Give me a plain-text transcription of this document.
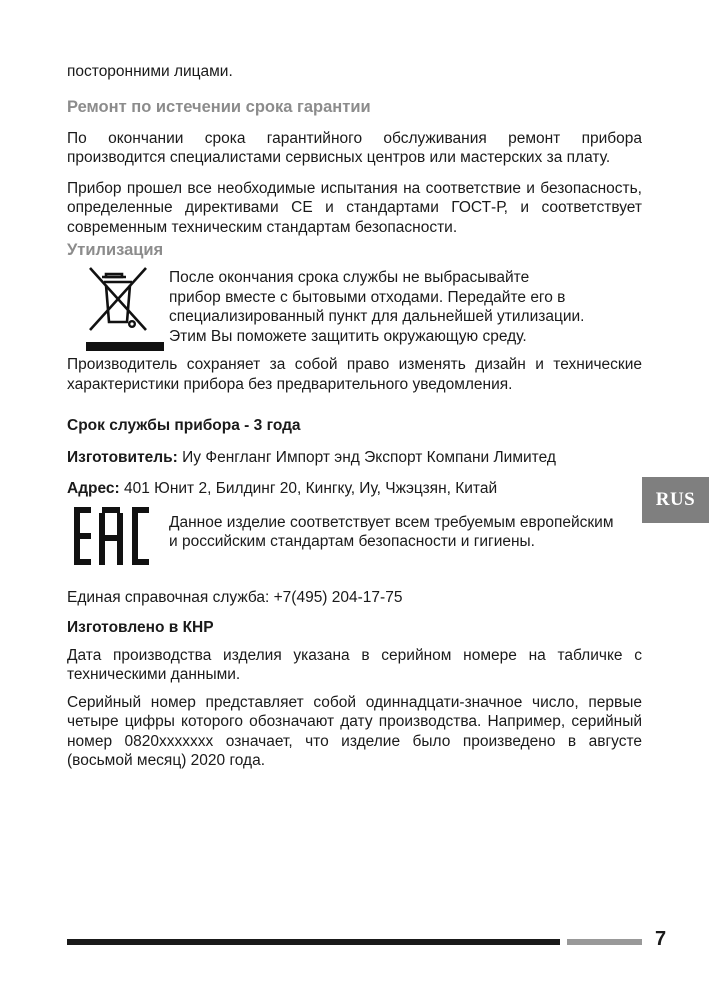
посторонними лицами.

Ремонт по истечении срока гарантии

По окончании срока гарантийного обслуживания ремонт прибора производится специалистами сервисных центров или мастерских за плату.

Прибор прошел все необходимые испытания на соответствие и безопасность, определенные директивами CE и стандартами ГОСТ-Р, и соответствует современным техническим стандартам безопасности.

Утилизация

После окончания срока службы не выбрасывайте

прибор вместе с бытовыми отходами. Передайте его в

специализированный пункт для дальнейшей утилизации.

Этим Вы поможете защитить окружающую среду.

Производитель сохраняет за собой право изменять дизайн и технические характеристики прибора без предварительного уведомления.

Срок службы прибора - 3 года

Изготовитель: Иу Фенгланг Импорт энд Экспорт Компани Лимитед

Адрес: 401 Юнит 2, Билдинг 20, Кингку, Иу, Чжэцзян, Китай

Данное изделие соответствует всем требуемым европейским

и российским стандартам безопасности и гигиены.

Единая справочная служба: +7(495) 204-17-75

Изготовлено в КНР

Дата производства изделия указана в серийном номере на табличке с техническими данными.

Серийный номер представляет собой одиннадцати-значное число, первые четыре цифры которого обозначают дату производства. Например, серийный номер 0820xxxxxxx означает, что изделие было произведено в августе (восьмой месяц) 2020 года.

RUS
7
